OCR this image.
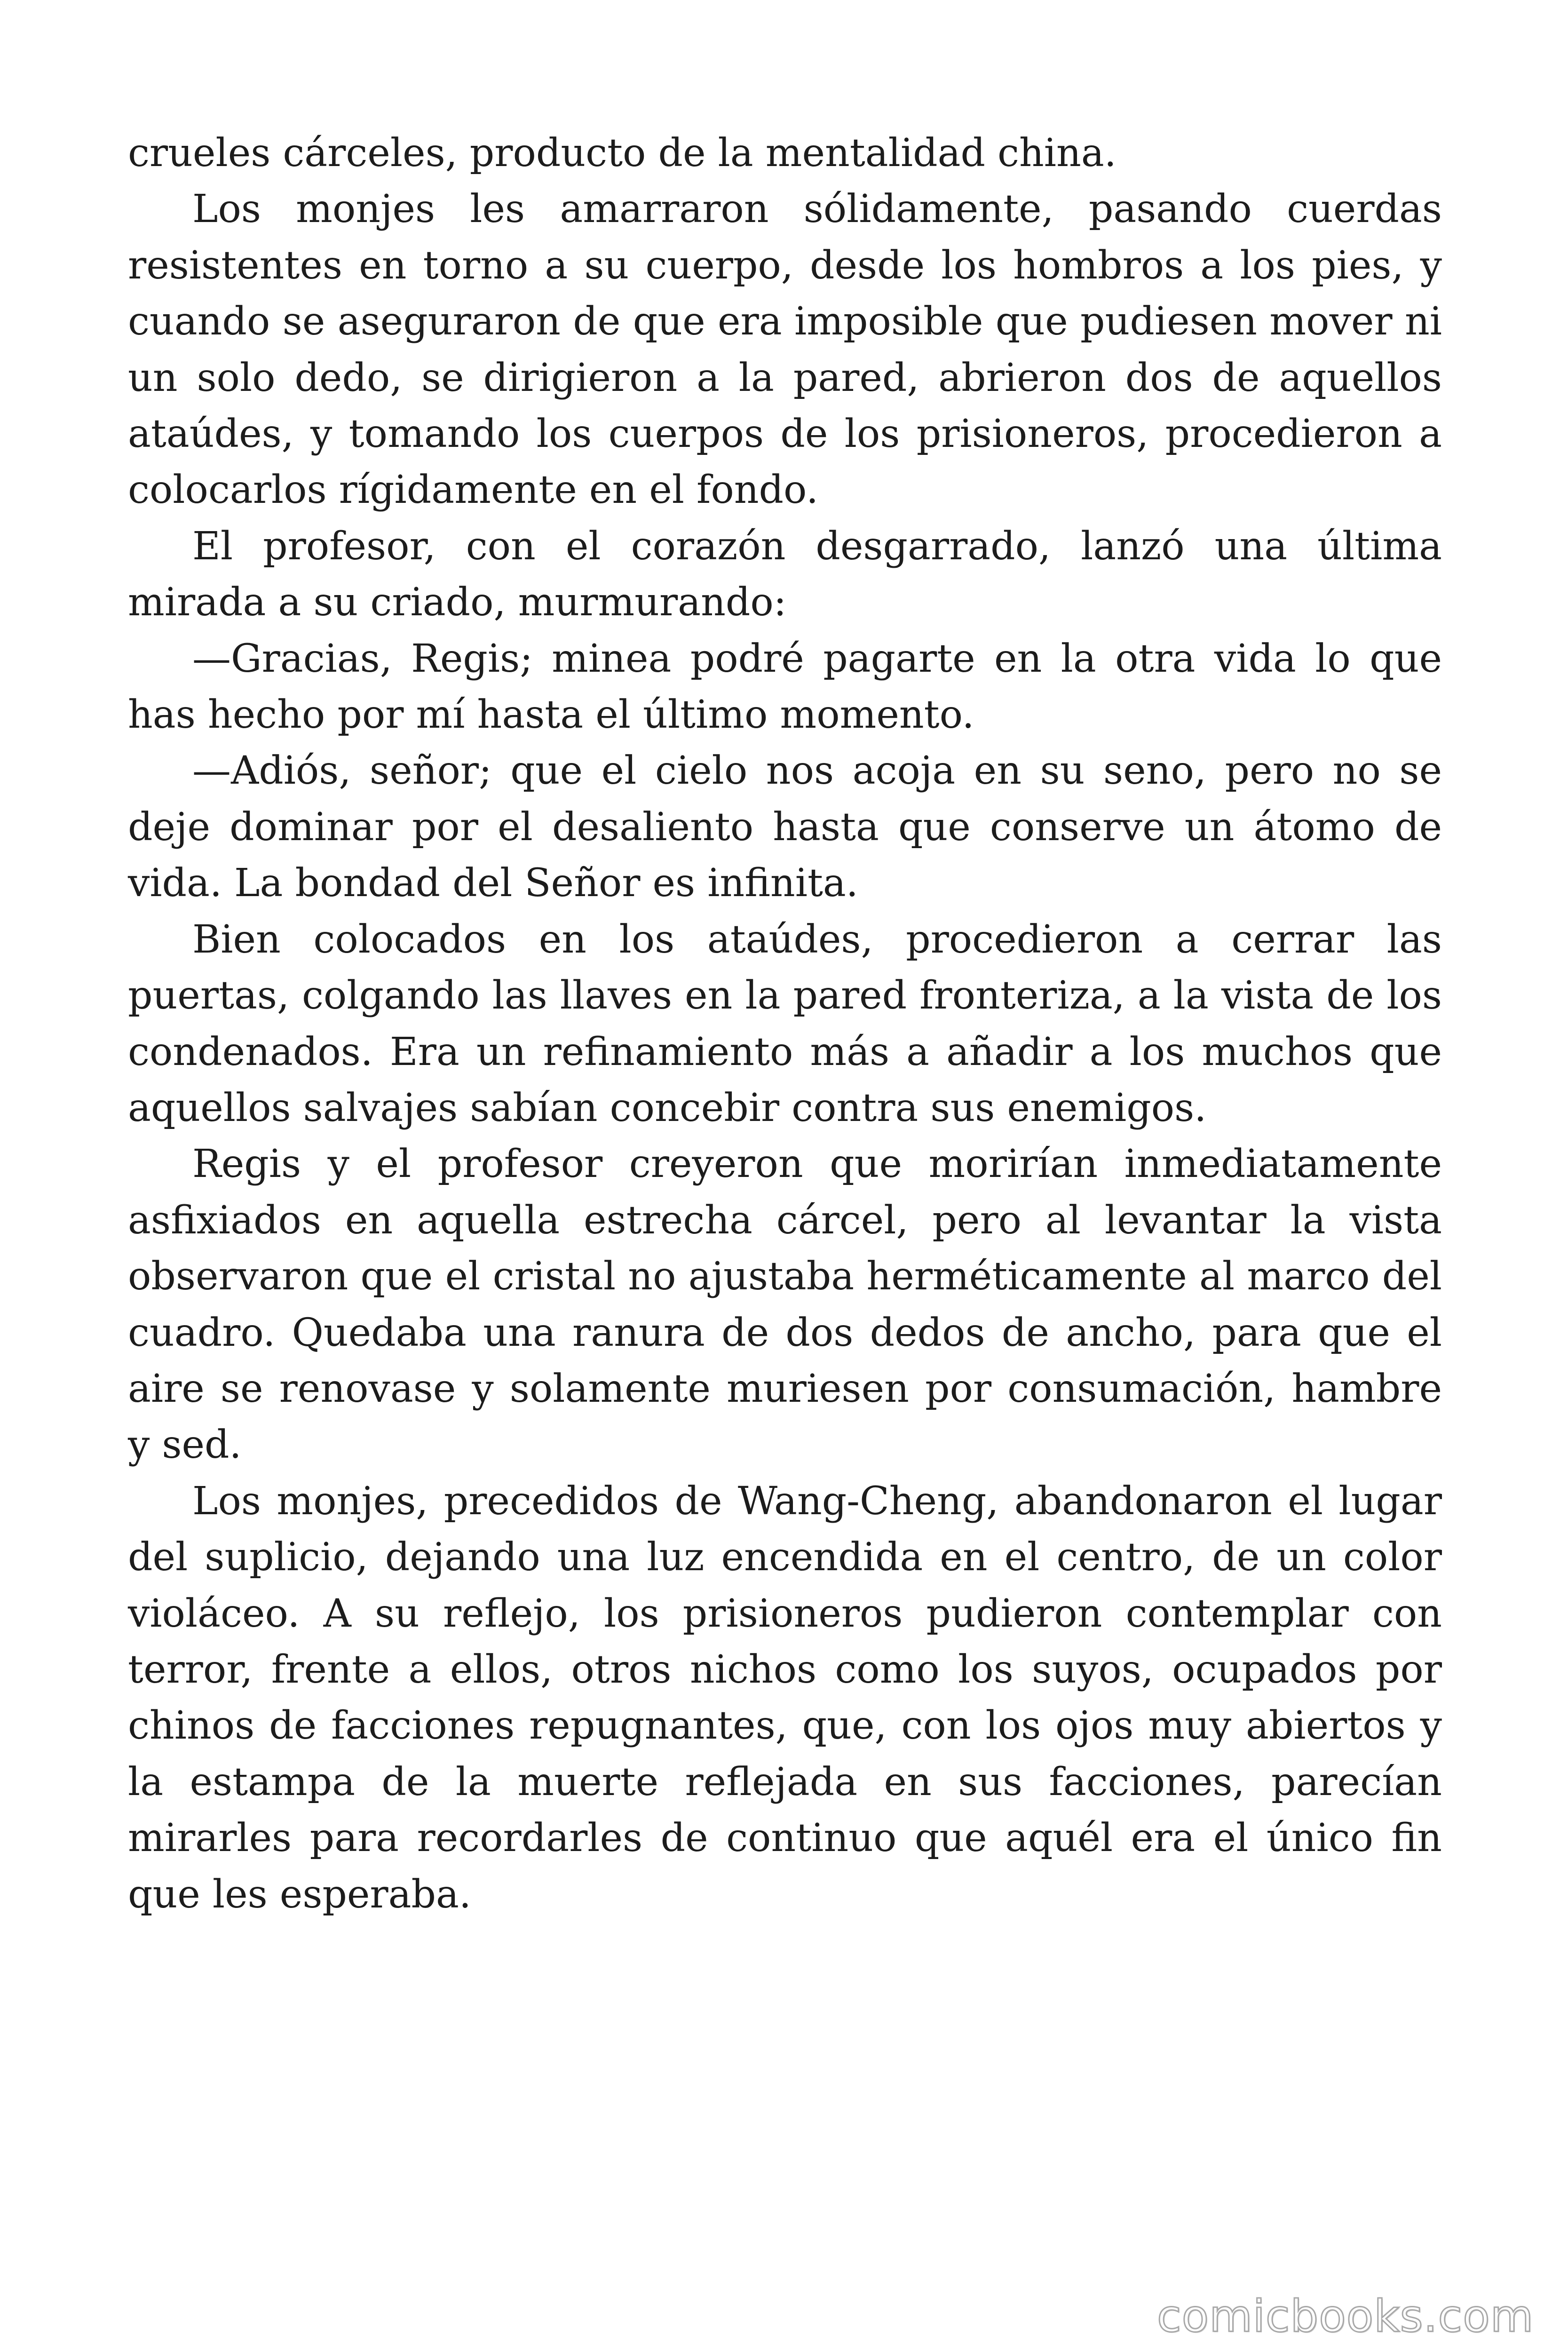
crueles cárceles, producto de la mentalidad china.

Los monjes les amarraron sólidamente, pasando cuerdas resistentes en torno a su cuerpo, desde los hombros a los pies, y cuando se aseguraron de que era imposible que pudiesen mover ni un solo dedo, se dirigieron a la pared, abrieron dos de aquellos ataúdes, y tomando los cuerpos de los prisioneros, procedieron a colocarlos rígidamente en el fondo.

El profesor, con el corazón desgarrado, lanzó una última mirada a su criado, murmurando:

—Gracias, Regis; minea podré pagarte en la otra vida lo que has hecho por mí hasta el último momento.

—Adiós, señor; que el cielo nos acoja en su seno, pero no se deje dominar por el desaliento hasta que conserve un átomo de vida. La bondad del Señor es infinita.

Bien colocados en los ataúdes, procedieron a cerrar las puertas, colgando las llaves en la pared fronteriza, a la vista de los condenados. Era un refinamiento más a añadir a los muchos que aquellos salvajes sabían concebir contra sus enemigos.

Regis y el profesor creyeron que morirían inmediatamente asfixiados en aquella estrecha cárcel, pero al levantar la vista observaron que el cristal no ajustaba herméticamente al marco del cuadro. Quedaba una ranura de dos dedos de ancho, para que el aire se renovase y solamente muriesen por consumación, hambre y sed.

Los monjes, precedidos de Wang-Cheng, abandonaron el lugar del suplicio, dejando una luz encendida en el centro, de un color violáceo. A su reflejo, los prisioneros pudieron contemplar con terror, frente a ellos, otros nichos como los suyos, ocupados por chinos de facciones repugnantes, que, con los ojos muy abiertos y la estampa de la muerte reflejada en sus facciones, parecían mirarles para recordarles de continuo que aquél era el único fin que les esperaba.

comicbooks.com
